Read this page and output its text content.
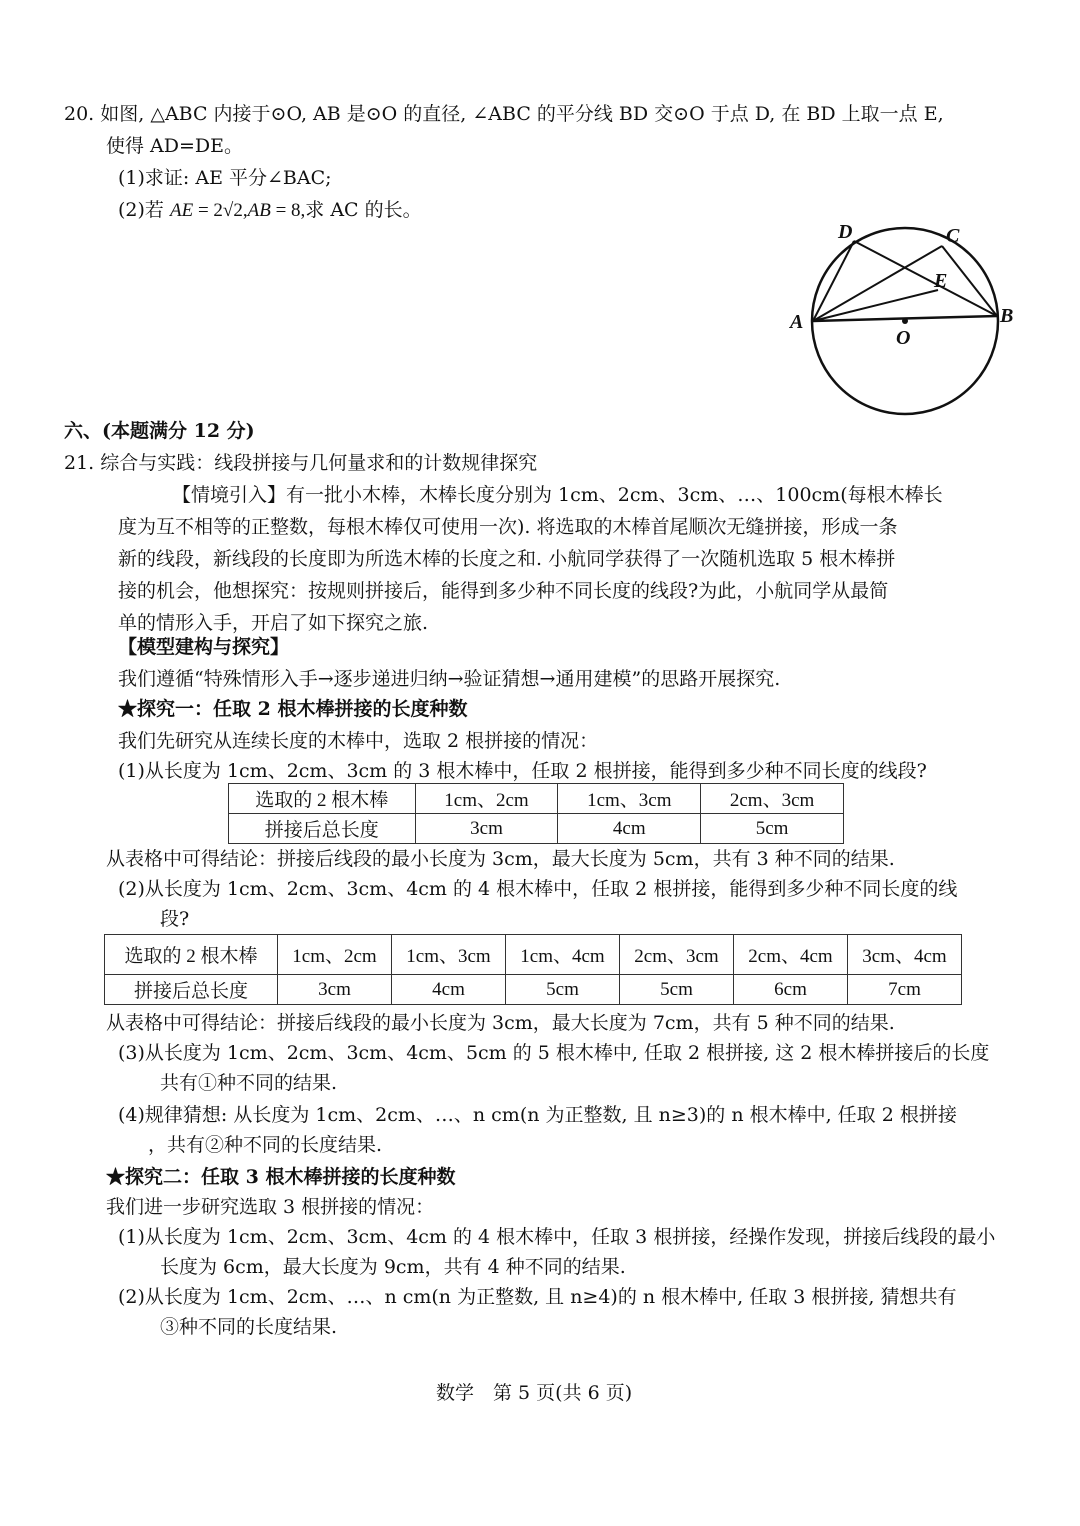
20. 如图, △ABC 内接于⊙O, AB 是⊙O 的直径, ∠ABC 的平分线 BD 交⊙O 于点 D, 在 BD 上取一点 E,
使得 AD=DE。
(1)求证: AE 平分∠BAC;
(2)若 AE = 2√2,AB = 8,求 AC 的长。
A	B
C
D
E
O
六、(本题满分 12 分)
21. 综合与实践：线段拼接与几何量求和的计数规律探究
【情境引入】有一批小木棒，木棒长度分别为 1cm、2cm、3cm、…、100cm(每根木棒长
度为互不相等的正整数，每根木棒仅可使用一次). 将选取的木棒首尾顺次无缝拼接，形成一条
新的线段，新线段的长度即为所选木棒的长度之和. 小航同学获得了一次随机选取 5 根木棒拼
接的机会，他想探究：按规则拼接后，能得到多少种不同长度的线段?为此，小航同学从最简
单的情形入手，开启了如下探究之旅.
【模型建构与探究】
我们遵循“特殊情形入手→逐步递进归纳→验证猜想→通用建模”的思路开展探究.
★探究一：任取 2 根木棒拼接的长度种数
我们先研究从连续长度的木棒中，选取 2 根拼接的情况：
(1)从长度为 1cm、2cm、3cm 的 3 根木棒中，任取 2 根拼接，能得到多少种不同长度的线段?
选取的 2 根木棒	1cm、2cm	1cm、3cm	2cm、3cm
拼接后总长度	3cm	4cm	5cm
从表格中可得结论：拼接后线段的最小长度为 3cm，最大长度为 5cm，共有 3 种不同的结果.
(2)从长度为 1cm、2cm、3cm、4cm 的 4 根木棒中，任取 2 根拼接，能得到多少种不同长度的线
段?
选取的 2 根木棒	1cm、2cm	1cm、3cm	1cm、4cm	2cm、3cm	2cm、4cm	3cm、4cm
拼接后总长度	3cm	4cm	5cm	5cm	6cm	7cm
从表格中可得结论：拼接后线段的最小长度为 3cm，最大长度为 7cm，共有 5 种不同的结果.
(3)从长度为 1cm、2cm、3cm、4cm、5cm 的 5 根木棒中, 任取 2 根拼接, 这 2 根木棒拼接后的长度
共有①种不同的结果.
(4)规律猜想: 从长度为 1cm、2cm、…、n cm(n 为正整数, 且 n≥3)的 n 根木棒中, 任取 2 根拼接
，共有②种不同的长度结果.
★探究二：任取 3 根木棒拼接的长度种数
我们进一步研究选取 3 根拼接的情况：
(1)从长度为 1cm、2cm、3cm、4cm 的 4 根木棒中，任取 3 根拼接，经操作发现，拼接后线段的最小
长度为 6cm，最大长度为 9cm，共有 4 种不同的结果.
(2)从长度为 1cm、2cm、…、n cm(n 为正整数, 且 n≥4)的 n 根木棒中, 任取 3 根拼接, 猜想共有
③种不同的长度结果.
数学　第 5 页(共 6 页)
